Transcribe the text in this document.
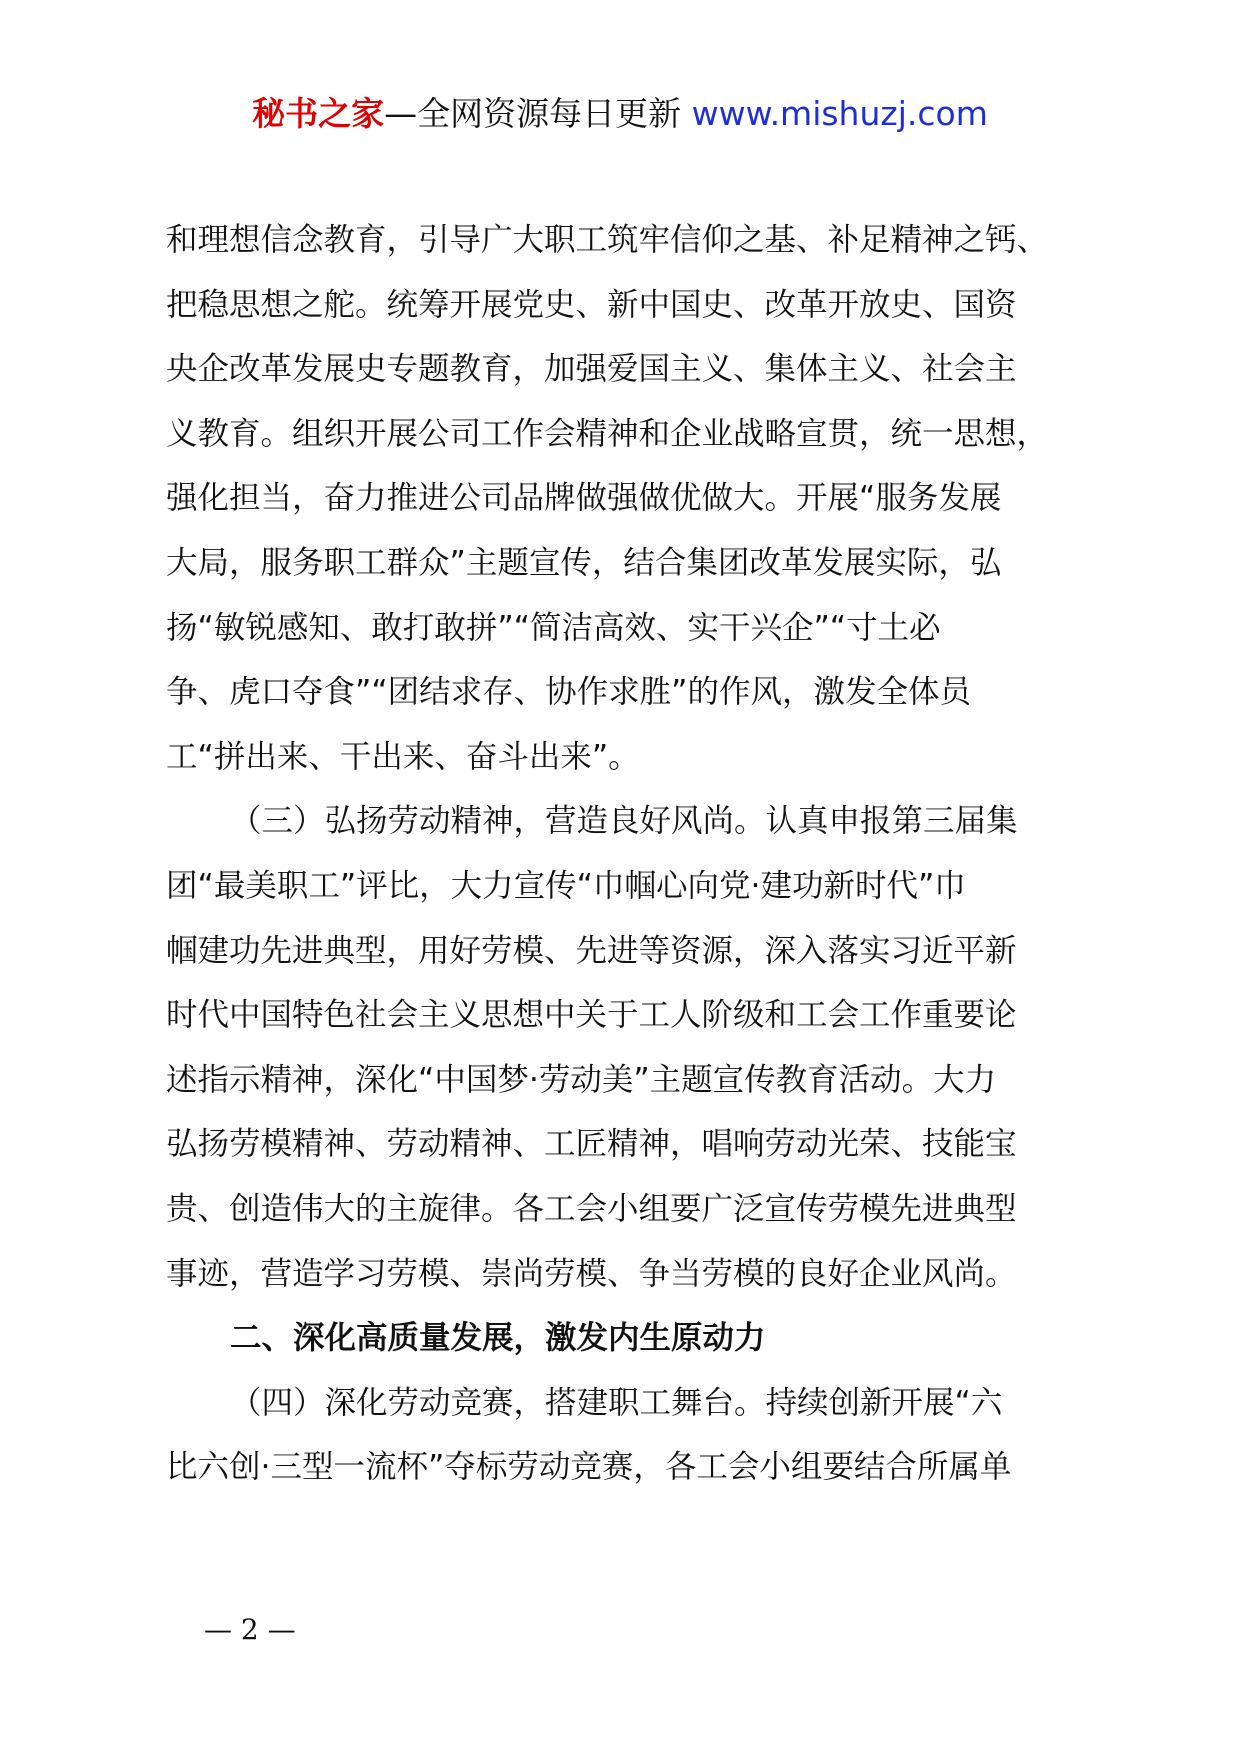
秘书之家—全网资源每日更新 www.mishuzj.com
和理想信念教育，引导广大职工筑牢信仰之基、补足精神之钙、
把稳思想之舵。统筹开展党史、新中国史、改革开放史、国资
央企改革发展史专题教育，加强爱国主义、集体主义、社会主
义教育。组织开展公司工作会精神和企业战略宣贯，统一思想，
强化担当，奋力推进公司品牌做强做优做大。开展“服务发展
大局，服务职工群众”主题宣传，结合集团改革发展实际，弘
扬“敏锐感知、敢打敢拼”“简洁高效、实干兴企”“寸土必
争、虎口夺食”“团结求存、协作求胜”的作风，激发全体员
工“拼出来、干出来、奋斗出来”。
（三）弘扬劳动精神，营造良好风尚。认真申报第三届集
团“最美职工”评比，大力宣传“巾帼心向党·建功新时代”巾
帼建功先进典型，用好劳模、先进等资源，深入落实习近平新
时代中国特色社会主义思想中关于工人阶级和工会工作重要论
述指示精神，深化“中国梦·劳动美”主题宣传教育活动。大力
弘扬劳模精神、劳动精神、工匠精神，唱响劳动光荣、技能宝
贵、创造伟大的主旋律。各工会小组要广泛宣传劳模先进典型
事迹，营造学习劳模、崇尚劳模、争当劳模的良好企业风尚。
二、深化高质量发展，激发内生原动力
（四）深化劳动竞赛，搭建职工舞台。持续创新开展“六
比六创·三型一流杯”夺标劳动竞赛，各工会小组要结合所属单
— 2 —
